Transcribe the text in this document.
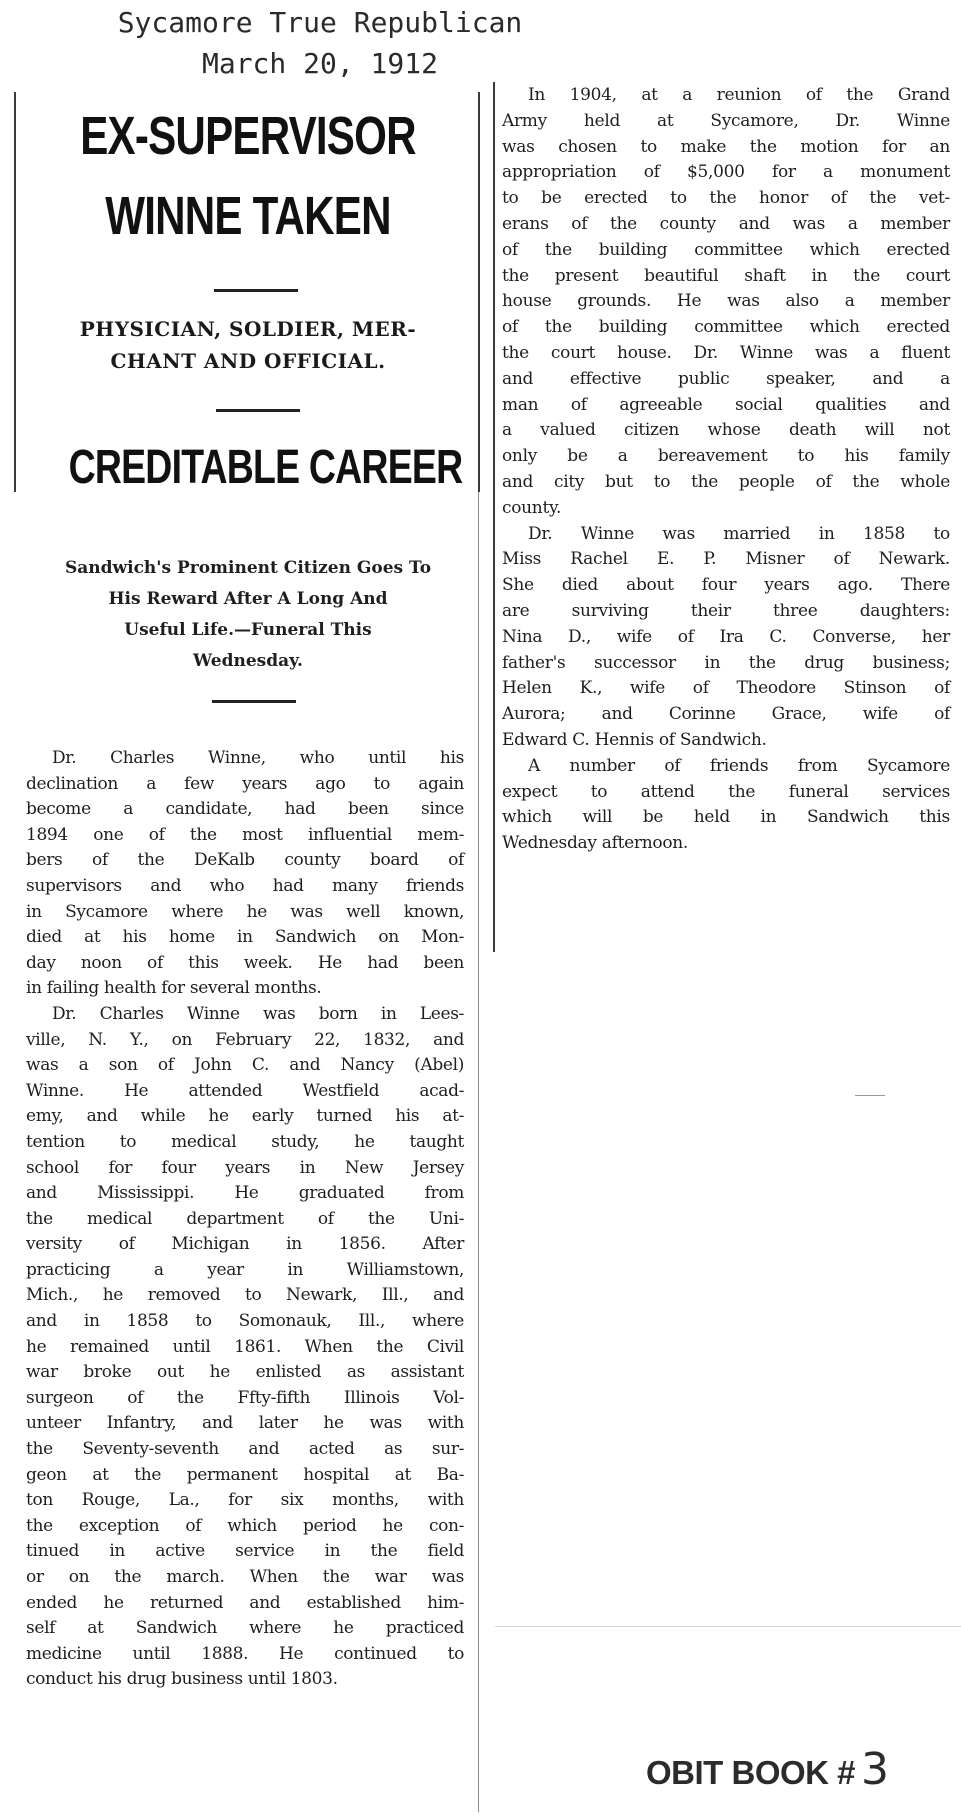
Sycamore True Republican
March 20, 1912
EX-SUPERVISOR
WINNE TAKEN
PHYSICIAN, SOLDIER, MER-
CHANT AND OFFICIAL.
CREDITABLE CAREER
Sandwich's Prominent Citizen Goes To
His Reward After A Long And
Useful Life.—Funeral This
Wednesday.
Dr. Charles Winne, who until his
declination a few years ago to again
become a candidate, had been since
1894 one of the most influential mem-
bers of the DeKalb county board of
supervisors and who had many friends
in Sycamore where he was well known,
died at his home in Sandwich on Mon-
day noon of this week. He had been
in failing health for several months.
Dr. Charles Winne was born in Lees-
ville, N. Y., on February 22, 1832, and
was a son of John C. and Nancy (Abel)
Winne. He attended Westfield acad-
emy, and while he early turned his at-
tention to medical study, he taught
school for four years in New Jersey
and Mississippi. He graduated from
the medical department of the Uni-
versity of Michigan in 1856. After
practicing a year in Williamstown,
Mich., he removed to Newark, Ill., and
and in 1858 to Somonauk, Ill., where
he remained until 1861. When the Civil
war broke out he enlisted as assistant
surgeon of the Ffty-fifth Illinois Vol-
unteer Infantry, and later he was with
the Seventy-seventh and acted as sur-
geon at the permanent hospital at Ba-
ton Rouge, La., for six months, with
the exception of which period he con-
tinued in active service in the field
or on the march. When the war was
ended he returned and established him-
self at Sandwich where he practiced
medicine until 1888. He continued to
conduct his drug business until 1803.
In 1904, at a reunion of the Grand
Army held at Sycamore, Dr. Winne
was chosen to make the motion for an
appropriation of $5,000 for a monument
to be erected to the honor of the vet-
erans of the county and was a member
of the building committee which erected
the present beautiful shaft in the court
house grounds. He was also a member
of the building committee which erected
the court house. Dr. Winne was a fluent
and effective public speaker, and a
man of agreeable social qualities and
a valued citizen whose death will not
only be a bereavement to his family
and city but to the people of the whole
county.
Dr. Winne was married in 1858 to
Miss Rachel E. P. Misner of Newark.
She died about four years ago. There
are surviving their three daughters:
Nina D., wife of Ira C. Converse, her
father's successor in the drug business;
Helen K., wife of Theodore Stinson of
Aurora; and Corinne Grace, wife of
Edward C. Hennis of Sandwich.
A number of friends from Sycamore
expect to attend the funeral services
which will be held in Sandwich this
Wednesday afternoon.
OBIT BOOK # 3
